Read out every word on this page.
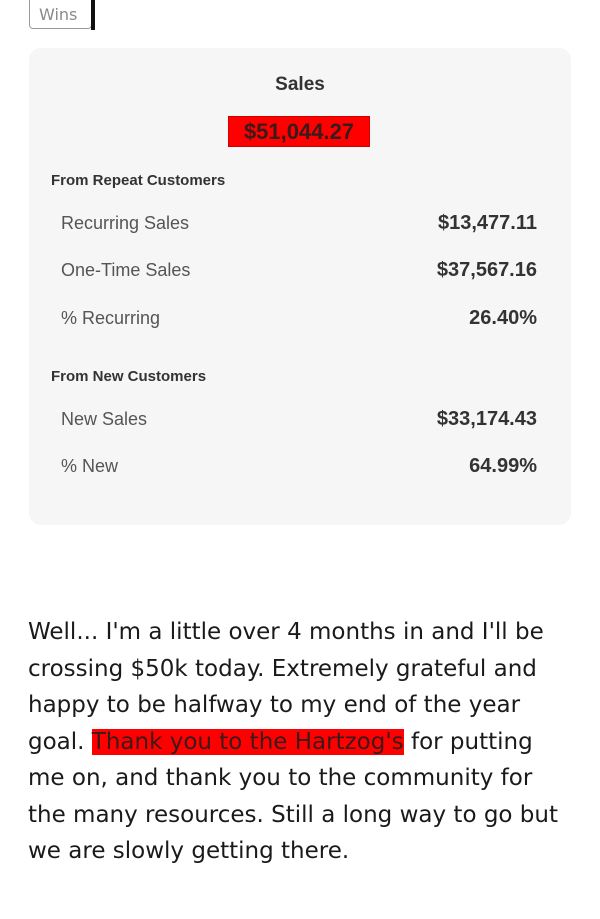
Wins
Sales
$51,044.27
From Repeat Customers
Recurring Sales	$13,477.11
One-Time Sales	$37,567.16
% Recurring	26.40%
From New Customers
New Sales	$33,174.43
% New	64.99%
Well... I'm a little over 4 months in and I'll be crossing $50k today. Extremely grateful and happy to be halfway to my end of the year goal. Thank you to the Hartzog's for putting me on, and thank you to the community for the many resources. Still a long way to go but we are slowly getting there.
